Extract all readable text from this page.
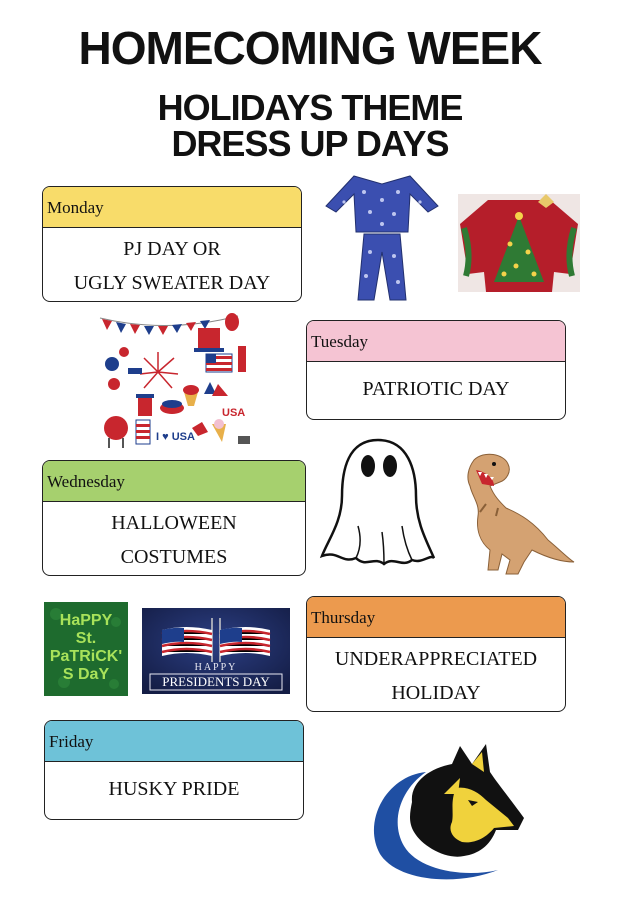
HOMECOMING WEEK
HOLIDAYS THEME
DRESS UP DAYS
Monday
PJ DAY OR
UGLY SWEATER DAY
Tuesday
PATRIOTIC DAY
Wednesday
HALLOWEEN
COSTUMES
Thursday
UNDERAPPRECIATED
HOLIDAY
Friday
HUSKY PRIDE
I ♥ USA
USA
HaPPY St. PaTRiCK'S DaY	HAPPY
PRESIDENTS DAY
